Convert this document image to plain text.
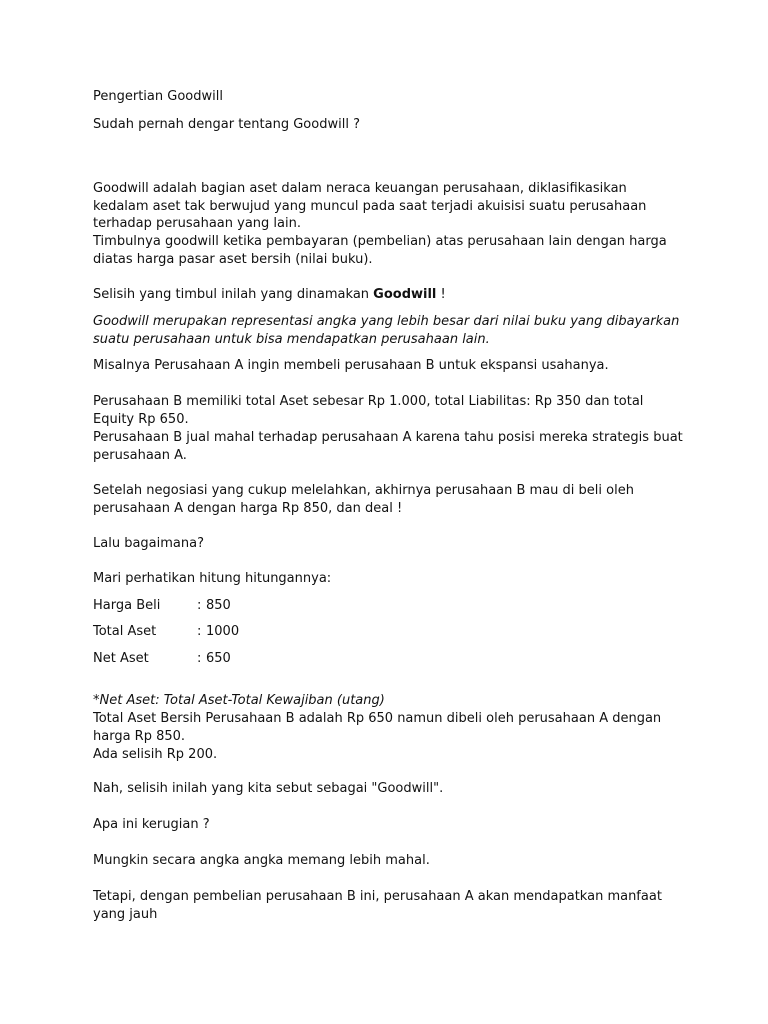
Pengertian Goodwill

Sudah pernah dengar tentang Goodwill ?

Goodwill adalah bagian aset dalam neraca keuangan perusahaan, diklasifikasikan kedalam aset tak berwujud yang muncul pada saat terjadi akuisisi suatu perusahaan terhadap perusahaan yang lain.

Timbulnya goodwill ketika pembayaran (pembelian) atas perusahaan lain dengan harga diatas harga pasar aset bersih (nilai buku).

Selisih yang timbul inilah yang dinamakan Goodwill !

Goodwill merupakan representasi angka yang lebih besar dari nilai buku yang dibayarkan suatu perusahaan untuk bisa mendapatkan perusahaan lain.

Misalnya Perusahaan A ingin membeli perusahaan B untuk ekspansi usahanya.

Perusahaan B memiliki total Aset sebesar Rp 1.000, total Liabilitas: Rp 350 dan total Equity Rp 650.

Perusahaan B jual mahal terhadap perusahaan A karena tahu posisi mereka strategis buat perusahaan A.

Setelah negosiasi yang cukup melelahkan, akhirnya perusahaan B mau di beli oleh perusahaan A dengan harga Rp 850, dan deal !

Lalu bagaimana?

Mari perhatikan hitung hitungannya:

Harga Beli	: 850
Total Aset	: 1000
Net Aset	: 650

*Net Aset: Total Aset-Total Kewajiban (utang)

Total Aset Bersih Perusahaan B adalah Rp 650 namun dibeli oleh perusahaan A dengan harga Rp 850.

Ada selisih Rp 200.

Nah, selisih inilah yang kita sebut sebagai "Goodwill".

Apa ini kerugian ?

Mungkin secara angka angka memang lebih mahal.

Tetapi, dengan pembelian perusahaan B ini, perusahaan A akan mendapatkan manfaat yang jauh
